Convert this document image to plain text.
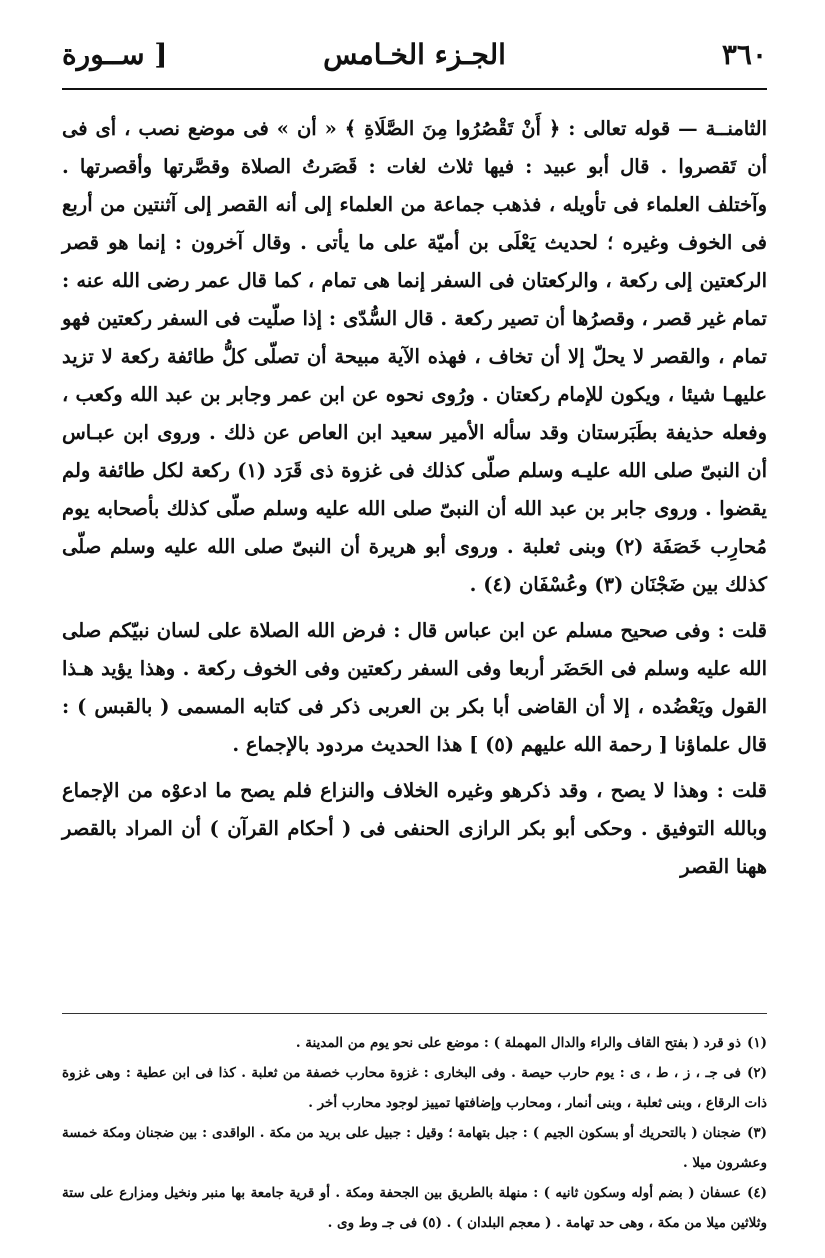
٣٦٠
الجـزء الخـامس
[ ســورة

الثامنــة — قوله تعالى : ﴿ أَنْ تَقْصُرُوا مِنَ الصَّلَاةِ ﴾ « أن » فى موضع نصب ، أى فى أن تَقصروا . قال أبو عبيد : فيها ثلاث لغات : قَصَرتُ الصلاة وقصَّرتها وأقصرتها . وآختلف العلماء فى تأويله ، فذهب جماعة من العلماء إلى أنه القصر إلى آثنتين من أربع فى الخوف وغيره ؛ لحديث يَعْلَى بن أميّة على ما يأتى . وقال آخرون : إنما هو قصر الركعتين إلى ركعة ، والركعتان فى السفر إنما هى تمام ، كما قال عمر رضى الله عنه : تمام غير قصر ، وقصرُها أن تصير ركعة . قال السُّدّى : إذا صلّيت فى السفر ركعتين فهو تمام ، والقصر لا يحلّ إلا أن تخاف ، فهذه الآية مبيحة أن تصلّى كلُّ طائفة ركعة لا تزيد عليهـا شيئا ، ويكون للإمام ركعتان . ورُوى نحوه عن ابن عمر وجابر بن عبد الله وكعب ، وفعله حذيفة بطَبَرستان وقد سأله الأمير سعيد ابن العاص عن ذلك . وروى ابن عبـاس أن النبىّ صلى الله عليـه وسلم صلّى كذلك فى غزوة ذى قَرَد (١) ركعة لكل طائفة ولم يقضوا . وروى جابر بن عبد الله أن النبىّ صلى الله عليه وسلم صلّى كذلك بأصحابه يوم مُحارِب خَصَفَة (٢) وبنى ثعلبة . وروى أبو هريرة أن النبىّ صلى الله عليه وسلم صلّى كذلك بين ضَجْنَان (٣) وعُسْفَان (٤) .

قلت : وفى صحيح مسلم عن ابن عباس قال : فرض الله الصلاة على لسان نبيّكم صلى الله عليه وسلم فى الحَضَر أربعا وفى السفر ركعتين وفى الخوف ركعة . وهذا يؤيد هـذا القول ويَعْضُده ، إلا أن القاضى أبا بكر بن العربى ذكر فى كتابه المسمى ( بالقبس ) : قال علماؤنا [ رحمة الله عليهم (٥) ] هذا الحديث مردود بالإجماع .

قلت : وهذا لا يصح ، وقد ذكرهو وغيره الخلاف والنزاع فلم يصح ما ادعوْه من الإجماع وبالله التوفيق . وحكى أبو بكر الرازى الحنفى فى ( أحكام القرآن ) أن المراد بالقصر ههنا القصر

(١)ذو قرد ( بفتح القاف والراء والدال المهملة ) : موضع على نحو يوم من المدينة .

(٢)فى جـ ، ز ، ط ، ى : يوم حارب حيصة . وفى البخارى : غزوة محارب خصفة من ثعلبة . كذا فى ابن عطية : وهى غزوة ذات الرقاع ، وبنى ثعلبة ، وبنى أنمار ، ومحارب وإضافتها تمييز لوجود محارب أخر .

(٣)ضجنان ( بالتحريك أو بسكون الجيم ) : جبل بتهامة ؛ وقيل : جبيل على بريد من مكة . الواقدى : بين ضجنان ومكة خمسة وعشرون ميلا .

(٤)عسفان ( بضم أوله وسكون ثانيه ) : منهلة بالطريق بين الجحفة ومكة . أو قرية جامعة بها منبر ونخيل ومزارع على ستة وثلاثين ميلا من مكة ، وهى حد تهامة . ( معجم البلدان ) . (٥) فى جـ وط وى .
